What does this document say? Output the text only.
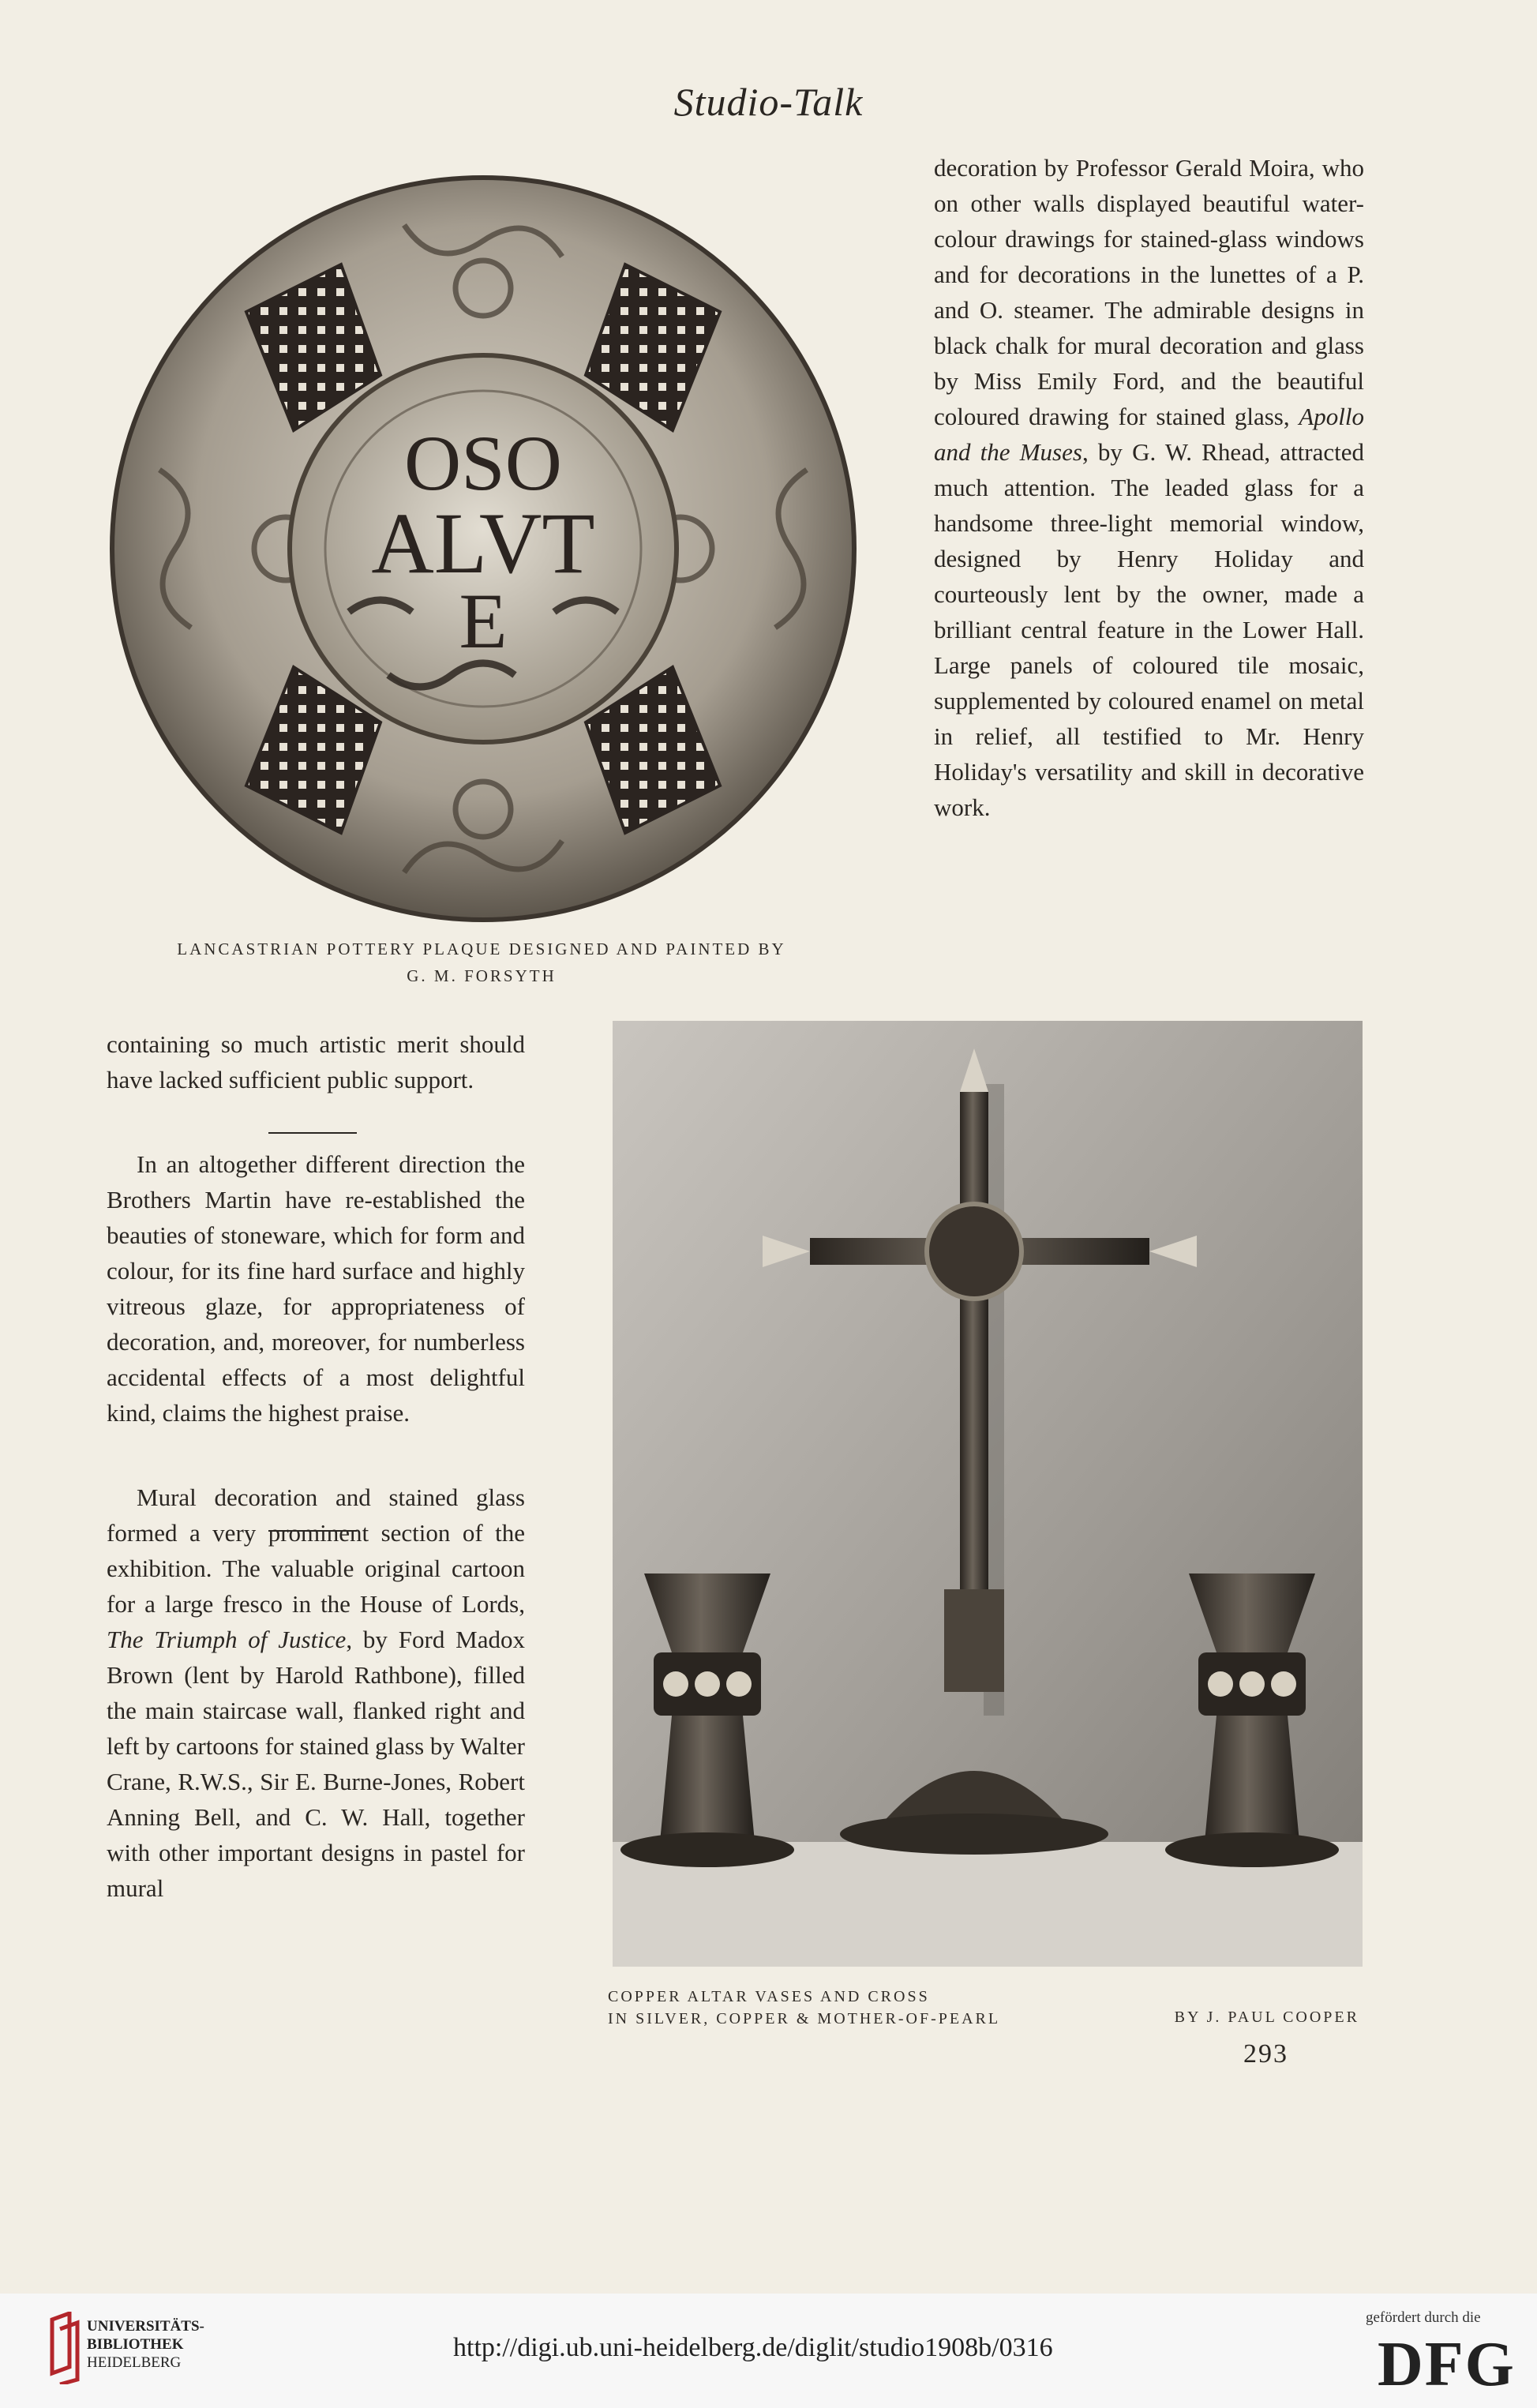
Studio-Talk
OSO
ALVT
E
LANCASTRIAN POTTERY PLAQUE DESIGNED AND PAINTED BY
G. M. FORSYTH

decoration by Professor Gerald Moira, who on other walls displayed beautiful water-colour drawings for stained-glass windows and for decorations in the lunettes of a P. and O. steamer. The admirable designs in black chalk for mural decoration and glass by Miss Emily Ford, and the beautiful coloured drawing for stained glass, Apollo and the Muses, by G. W. Rhead, attracted much attention. The leaded glass for a handsome three-light memorial window, designed by Henry Holiday and courteously lent by the owner, made a brilliant central feature in the Lower Hall. Large panels of coloured tile mosaic, supplemented by coloured enamel on metal in relief, all testified to Mr. Henry Holiday's versatility and skill in decorative work.

containing so much artistic merit should have lacked sufficient public support.

In an altogether different direction the Brothers Martin have re-established the beauties of stoneware, which for form and colour, for its fine hard surface and highly vitreous glaze, for appropriateness of decoration, and, moreover, for numberless accidental effects of a most delightful kind, claims the highest praise.

Mural decoration and stained glass formed a very prominent section of the exhibition. The valuable original cartoon for a large fresco in the House of Lords, The Triumph of Justice, by Ford Madox Brown (lent by Harold Rathbone), filled the main staircase wall, flanked right and left by cartoons for stained glass by Walter Crane, R.W.S., Sir E. Burne-Jones, Robert Anning Bell, and C. W. Hall, together with other important designs in pastel for mural

COPPER ALTAR VASES AND CROSS
IN SILVER, COPPER & MOTHER-OF-PEARL	BY J. PAUL COOPER
293
UNIVERSITÄTS-
BIBLIOTHEK
HEIDELBERG
http://digi.ub.uni-heidelberg.de/diglit/studio1908b/0316
gefördert durch die
DFG
